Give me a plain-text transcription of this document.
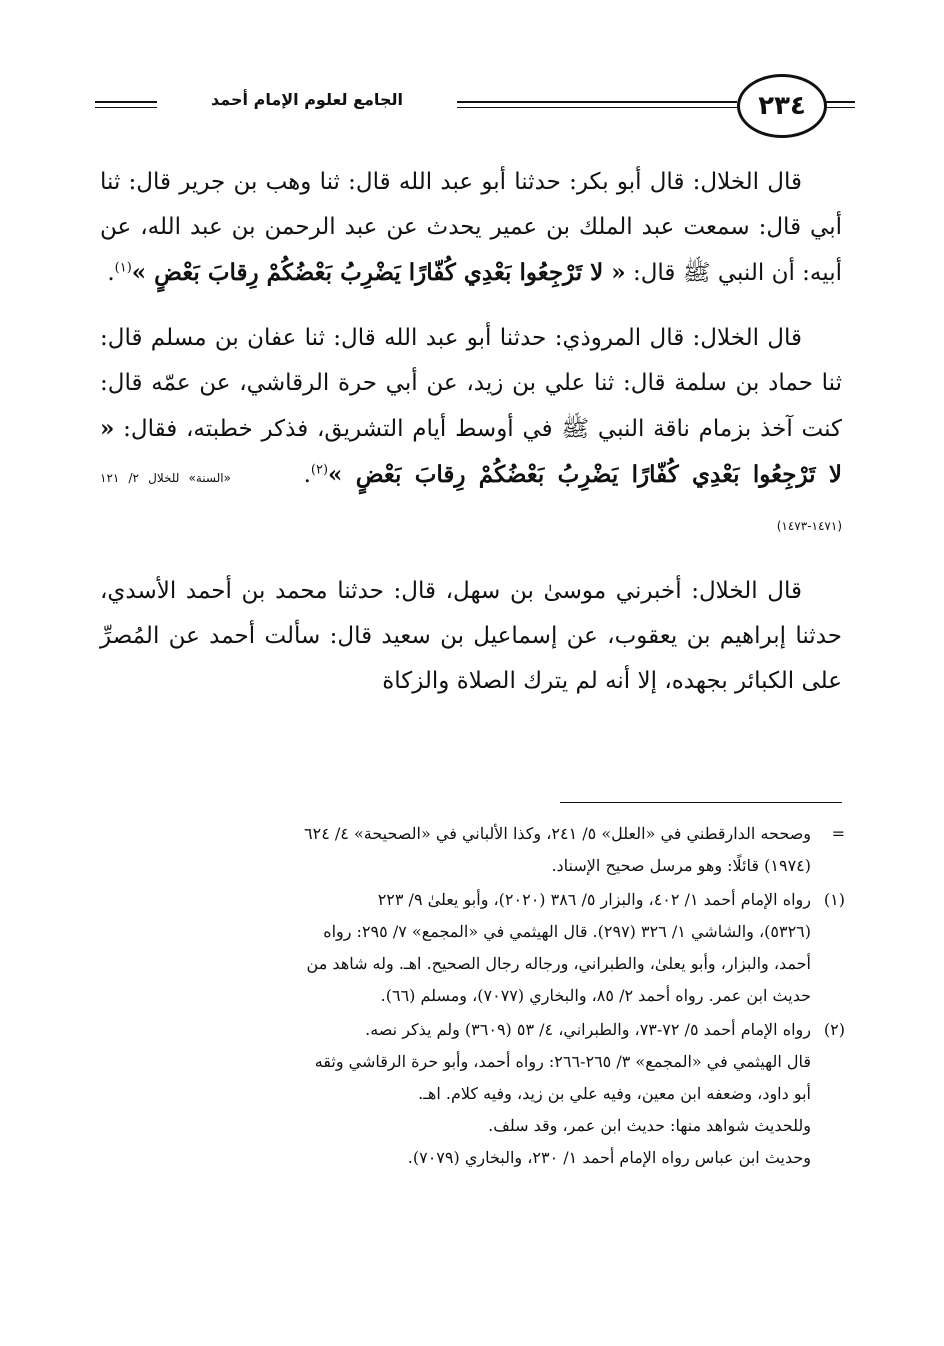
٢٣٤
الجامع لعلوم الإمام أحمد

قال الخلال: قال أبو بكر: حدثنا أبو عبد الله قال: ثنا وهب بن جرير قال: ثنا أبي قال: سمعت عبد الملك بن عمير يحدث عن عبد الرحمن بن عبد الله، عن أبيه: أن النبي ﷺ قال: « لا تَرْجِعُوا بَعْدِي كُفّارًا يَضْرِبُ بَعْضُكُمْ رِقابَ بَعْضٍ »$^{(١)}$.

قال الخلال: قال المروذي: حدثنا أبو عبد الله قال: ثنا عفان بن مسلم قال: ثنا حماد بن سلمة قال: ثنا علي بن زيد، عن أبي حرة الرقاشي، عن عمّه قال: كنت آخذ بزمام ناقة النبي ﷺ في أوسط أيام التشريق، فذكر خطبته، فقال: « لا تَرْجِعُوا بَعْدِي كُفّارًا يَضْرِبُ بَعْضُكُمْ رِقابَ بَعْضٍ »$^{(٢)}$. «السنة» للخلال ٢/ ١٢١ (١٤٧١-١٤٧٣)

قال الخلال: أخبرني موسىٰ بن سهل، قال: حدثنا محمد بن أحمد الأسدي، حدثنا إبراهيم بن يعقوب، عن إسماعيل بن سعيد قال: سألت أحمد عن المُصرِّ على الكبائر بجهده، إلا أنه لم يترك الصلاة والزكاة

=
وصححه الدارقطني في «العلل» ٥/ ٢٤١، وكذا الألباني في «الصحيحة» ٤/ ٦٢٤
(١٩٧٤) قائلًا: وهو مرسل صحيح الإسناد.
(١)
رواه الإمام أحمد ١/ ٤٠٢، والبزار ٥/ ٣٨٦ (٢٠٢٠)، وأبو يعلىٰ ٩/ ٢٢٣
(٥٣٢٦)، والشاشي ١/ ٣٢٦ (٢٩٧). قال الهيثمي في «المجمع» ٧/ ٢٩٥: رواه
أحمد، والبزار، وأبو يعلىٰ، والطبراني، ورجاله رجال الصحيح. اهـ. وله شاهد من
حديث ابن عمر. رواه أحمد ٢/ ٨٥، والبخاري (٧٠٧٧)، ومسلم (٦٦).
(٢)
رواه الإمام أحمد ٥/ ٧٢-٧٣، والطبراني، ٤/ ٥٣ (٣٦٠٩) ولم يذكر نصه.
قال الهيثمي في «المجمع» ٣/ ٢٦٥-٢٦٦: رواه أحمد، وأبو حرة الرقاشي وثقه
أبو داود، وضعفه ابن معين، وفيه علي بن زيد، وفيه كلام. اهـ.
وللحديث شواهد منها: حديث ابن عمر، وقد سلف.
وحديث ابن عباس رواه الإمام أحمد ١/ ٢٣٠، والبخاري (٧٠٧٩).
